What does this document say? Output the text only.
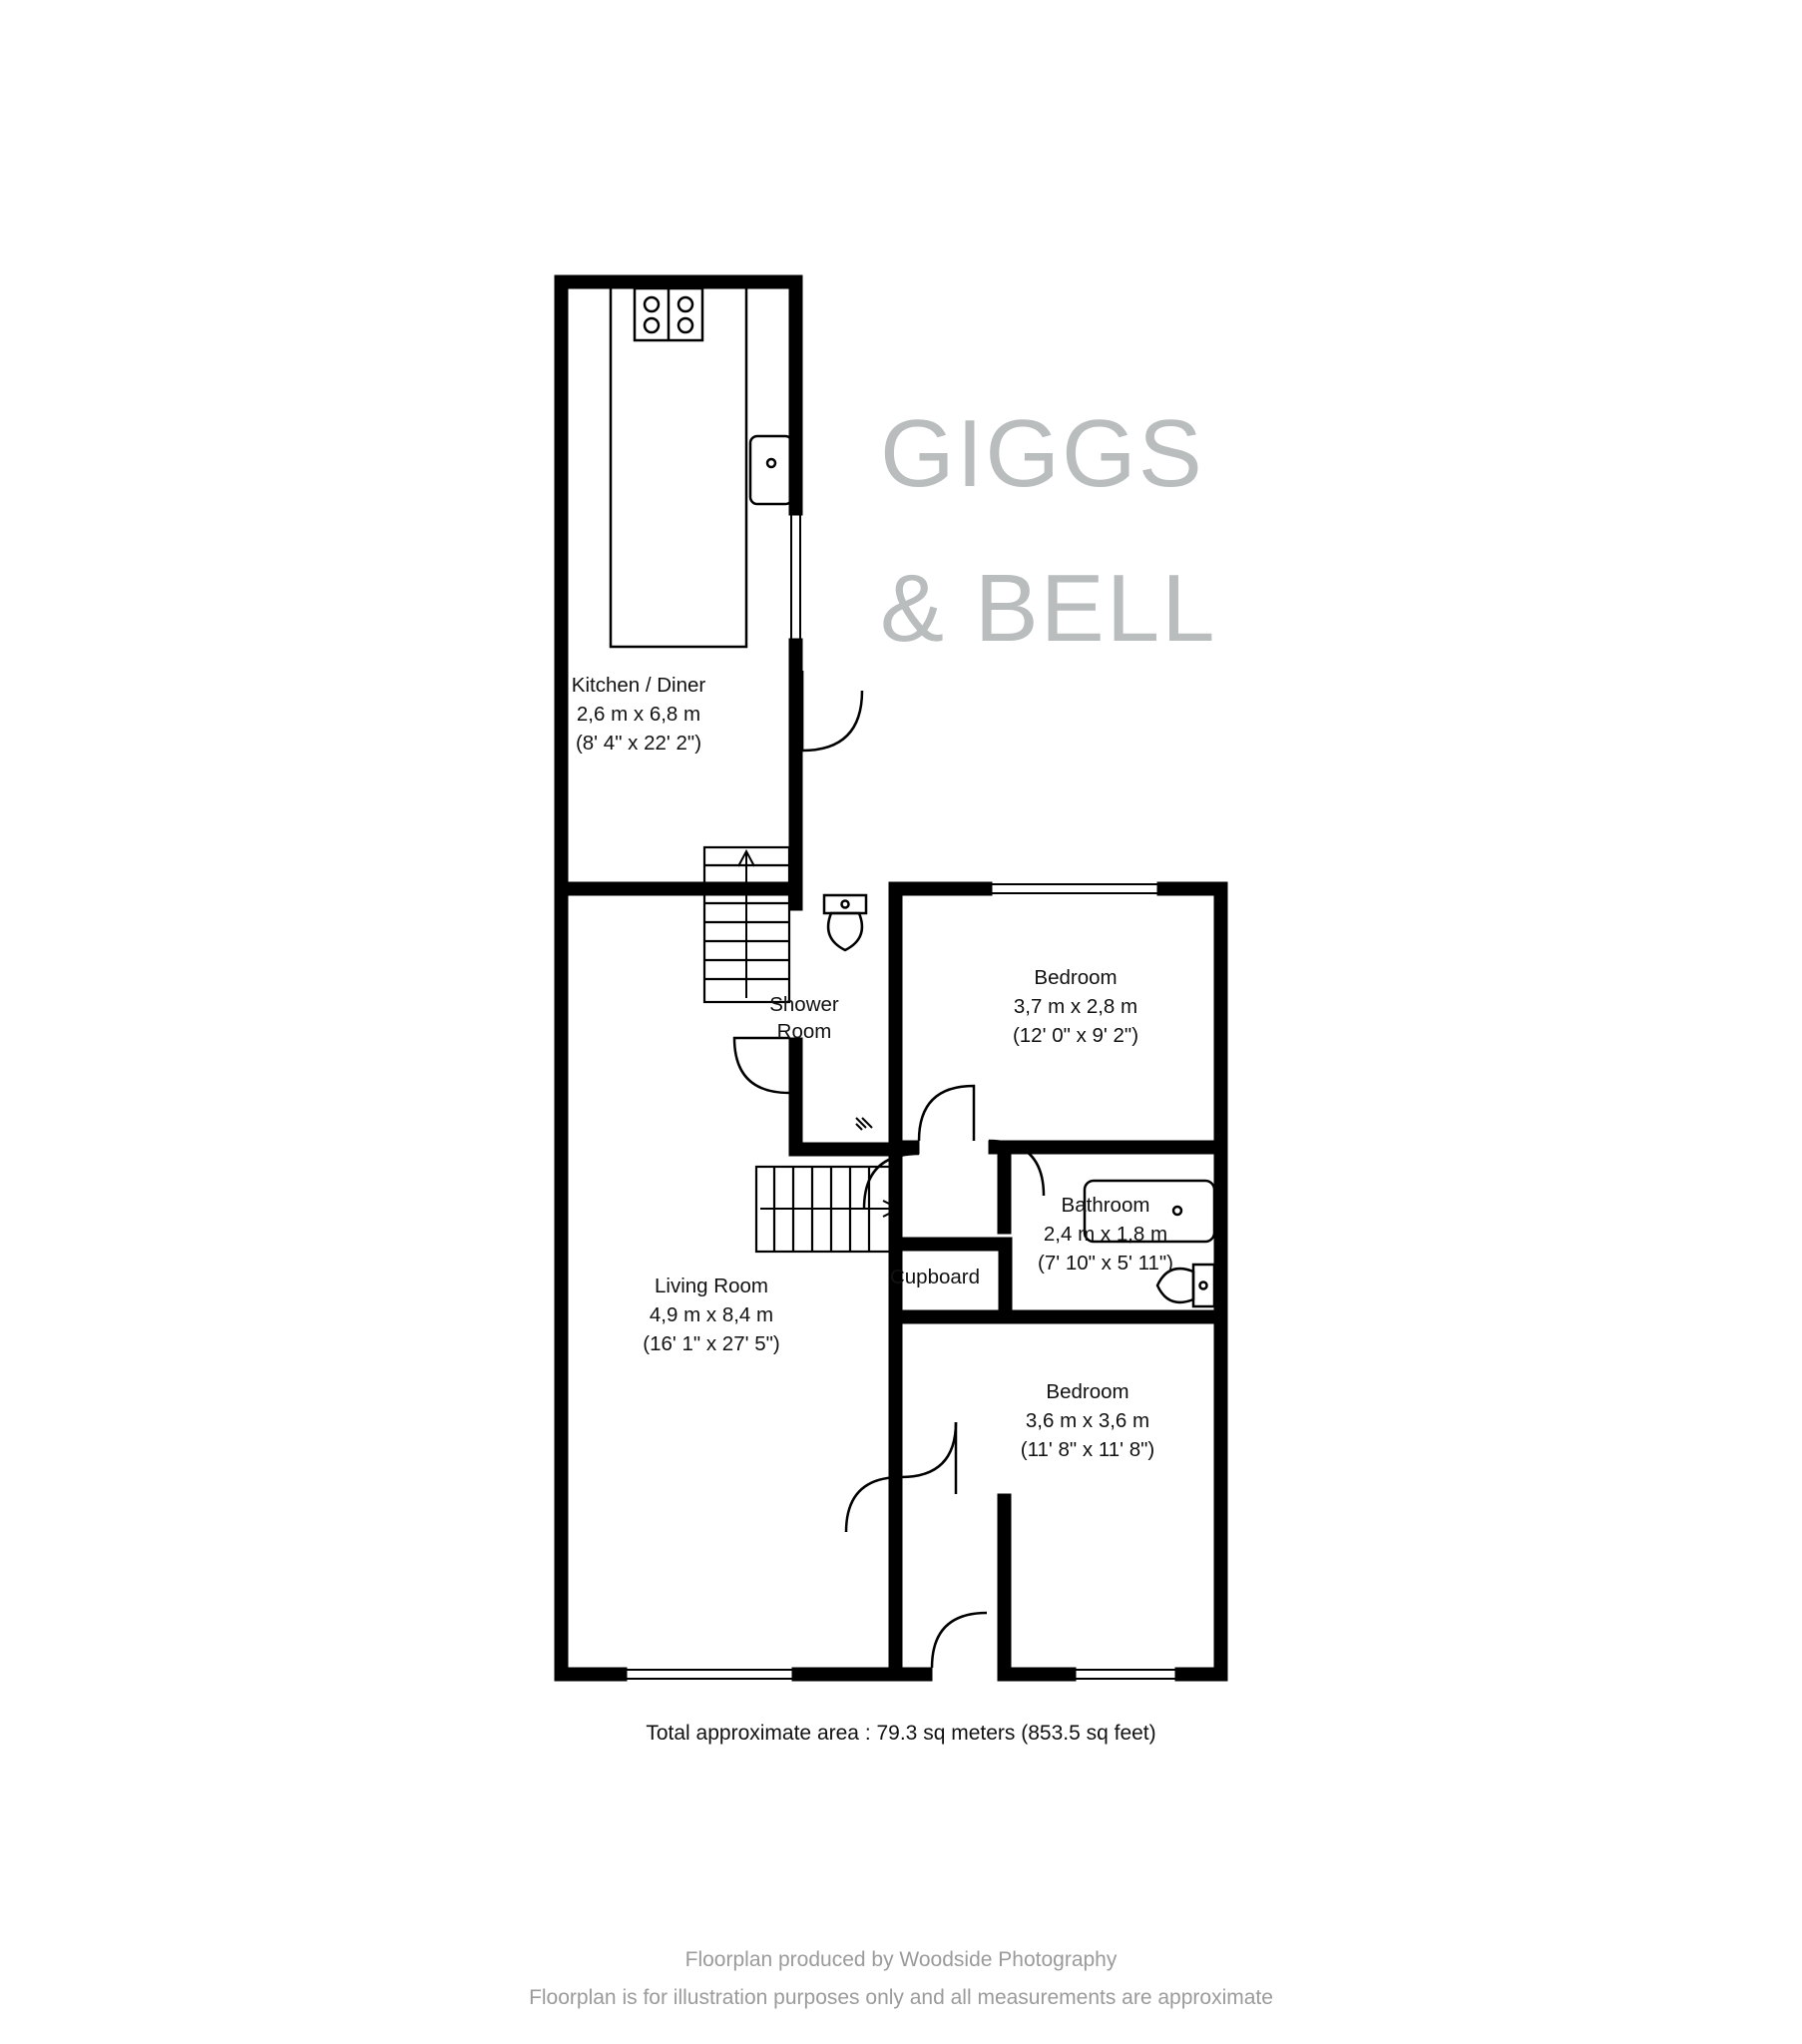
GIGGS
& BELL
Kitchen / Diner
2,6 m x 6,8 m
(8' 4" x 22' 2")
Bedroom
3,7 m x 2,8 m
(12' 0" x 9' 2")
Bathroom
2,4 m x 1,8 m
(7' 10" x 5' 11")
Living Room
4,9 m x 8,4 m
(16' 1" x 27' 5")
Bedroom
3,6 m x 3,6 m
(11' 8" x 11' 8")
Shower
Room
Cupboard
Total approximate area : 79.3 sq meters (853.5 sq feet)
Floorplan produced by Woodside Photography
Floorplan is for illustration purposes only and all measurements are approximate
